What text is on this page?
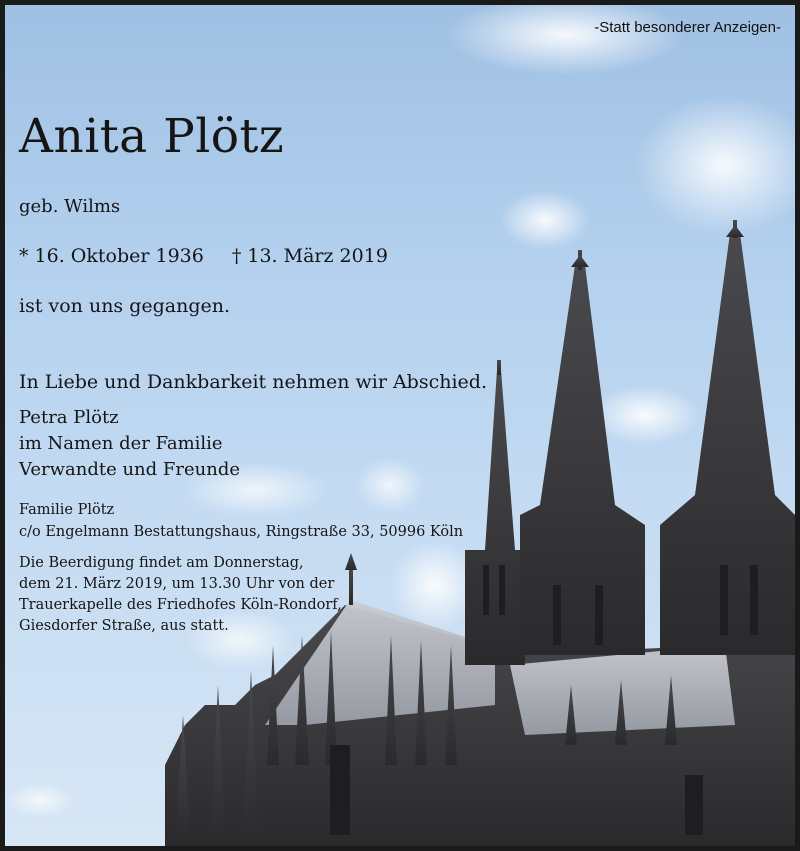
-Statt besonderer Anzeigen-
Anita Plötz
geb. Wilms
* 16. Oktober 1936 † 13. März 2019
ist von uns gegangen.
In Liebe und Dankbarkeit nehmen wir Abschied.
Petra Plötz
im Namen der Familie
Verwandte und Freunde
Familie Plötz
c/o Engelmann Bestattungshaus, Ringstraße 33, 50996 Köln
Die Beerdigung findet am Donnerstag,
dem 21. März 2019, um 13.30 Uhr von der
Trauerkapelle des Friedhofes Köln-Rondorf,
Giesdorfer Straße, aus statt.
